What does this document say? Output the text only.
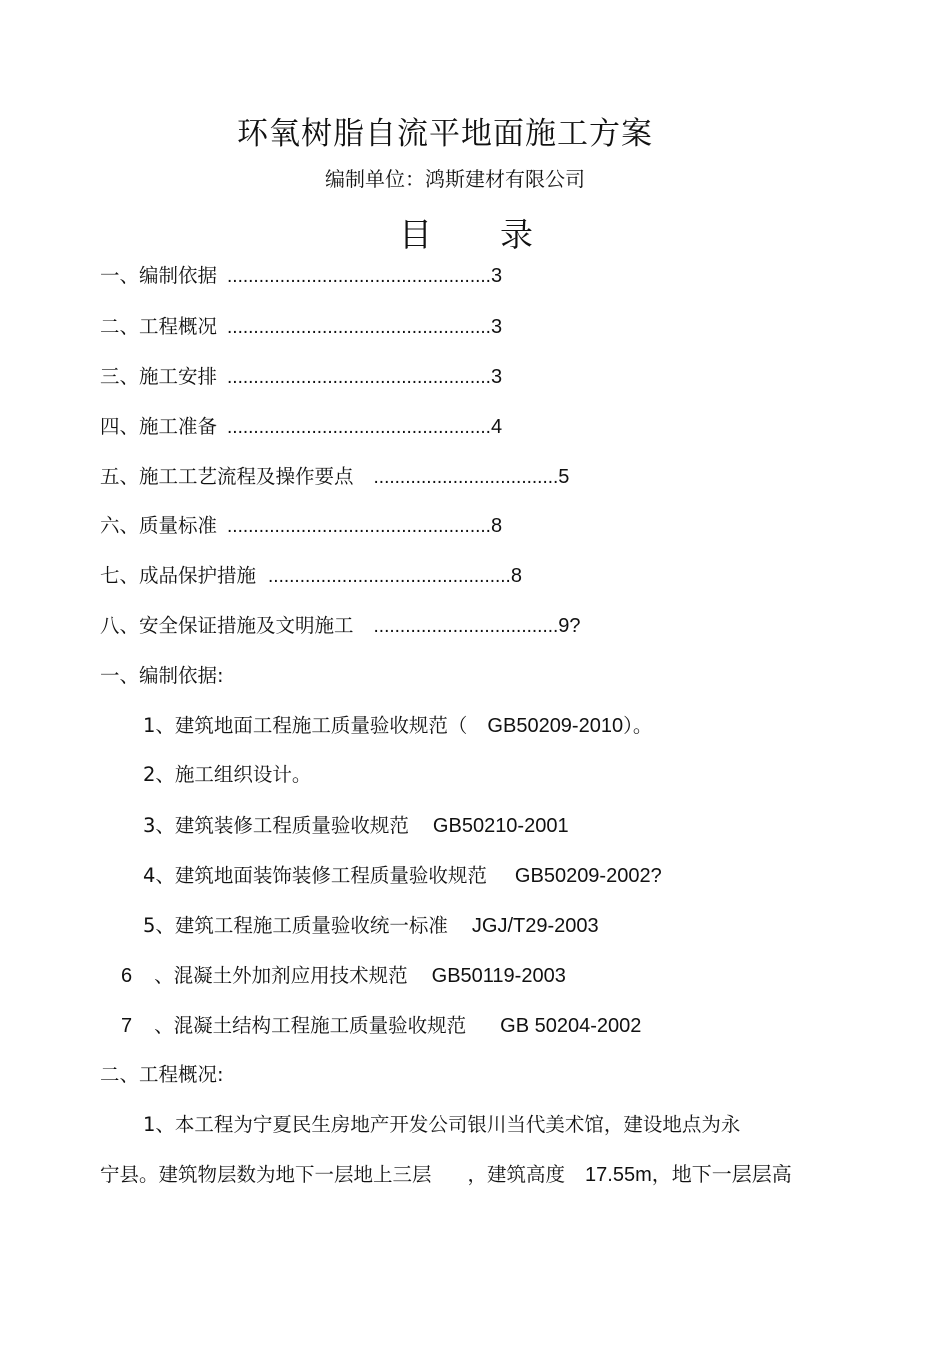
环氧树脂自流平地面施工方案
编制单位：鸿斯建材有限公司
目 录
一、编制依据 ..................................................3
二、工程概况 ..................................................3
三、施工安排 ..................................................3
四、施工准备 ..................................................4
五、施工工艺流程及操作要点 ...................................5
六、质量标准 ..................................................8
七、成品保护措施 ..............................................8
八、安全保证措施及文明施工 ...................................9?
一、编制依据:
1、建筑地面工程施工质量验收规范（ GB50209-2010）。
2、施工组织设计。
3、建筑装修工程质量验收规范 GB50210-2001
4、建筑地面装饰装修工程质量验收规范 GB50209-2002?
5、建筑工程施工质量验收统一标准 JGJ/T29-2003
6 、混凝土外加剂应用技术规范 GB50119-2003
7 、混凝土结构工程施工质量验收规范 GB 50204-2002
二、工程概况:
1、本工程为宁夏民生房地产开发公司银川当代美术馆，建设地点为永
宁县。建筑物层数为地下一层地上三层 ，建筑高度 17.55m，地下一层层高
